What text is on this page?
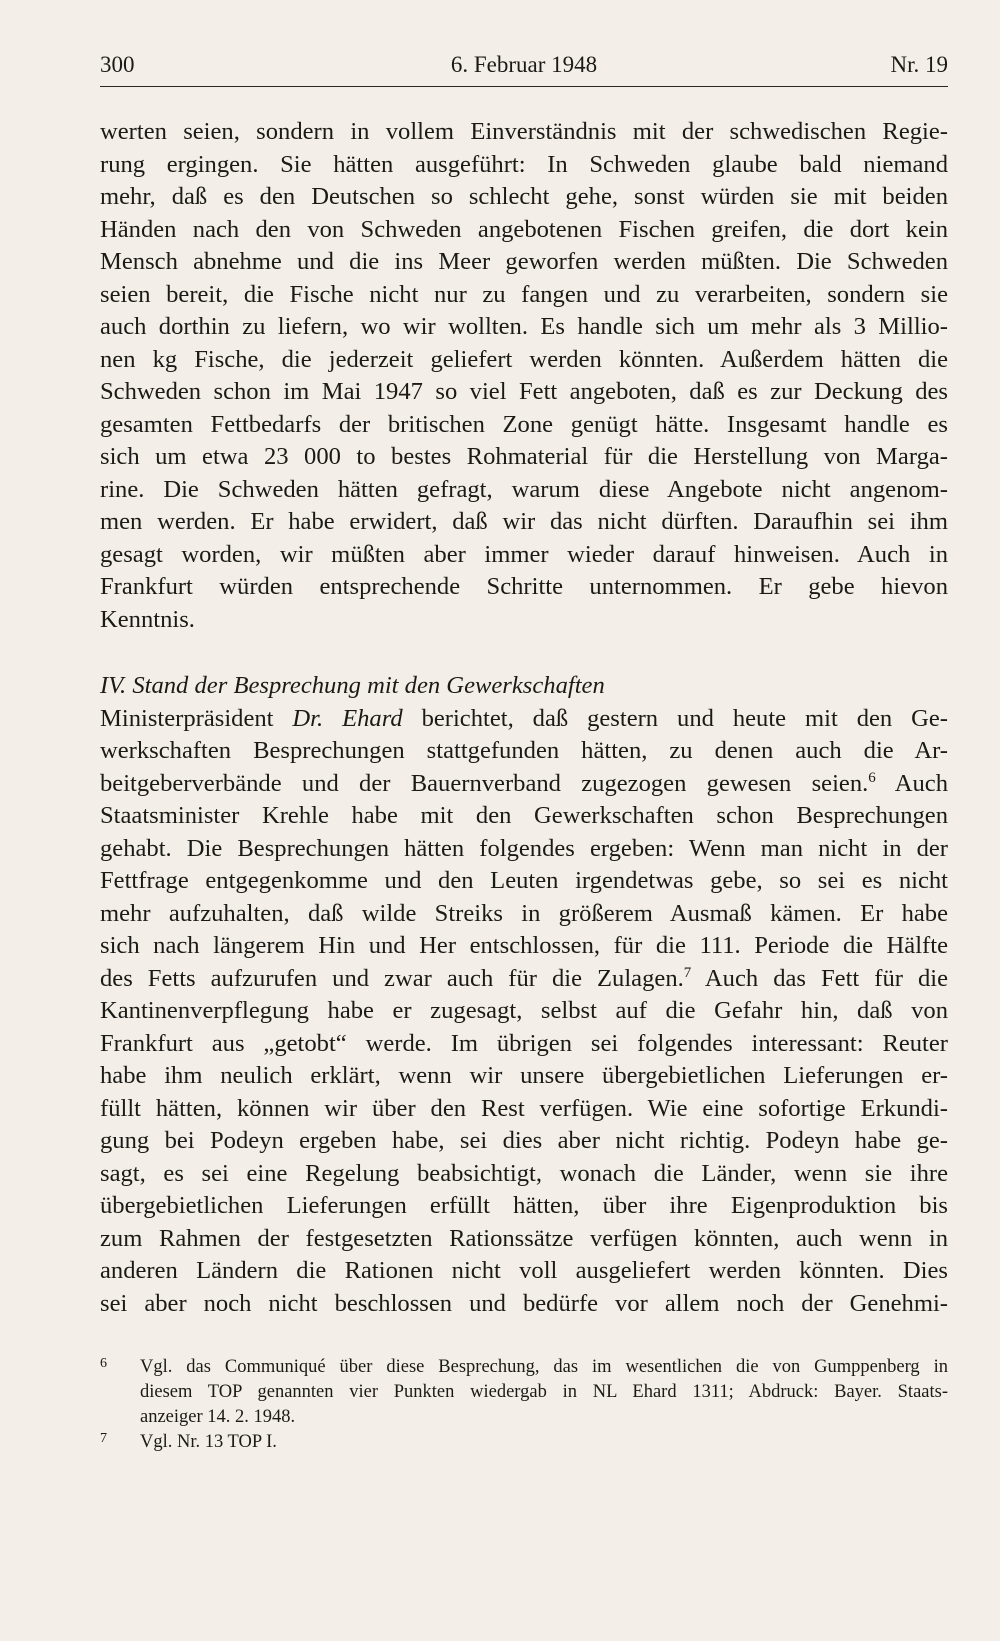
300	6. Februar 1948	Nr. 19
werten seien, sondern in vollem Einverständnis mit der schwedischen Regie-
rung ergingen. Sie hätten ausgeführt: In Schweden glaube bald niemand
mehr, daß es den Deutschen so schlecht gehe, sonst würden sie mit beiden
Händen nach den von Schweden angebotenen Fischen greifen, die dort kein
Mensch abnehme und die ins Meer geworfen werden müßten. Die Schweden
seien bereit, die Fische nicht nur zu fangen und zu verarbeiten, sondern sie
auch dorthin zu liefern, wo wir wollten. Es handle sich um mehr als 3 Millio-
nen kg Fische, die jederzeit geliefert werden könnten. Außerdem hätten die
Schweden schon im Mai 1947 so viel Fett angeboten, daß es zur Deckung des
gesamten Fettbedarfs der britischen Zone genügt hätte. Insgesamt handle es
sich um etwa 23 000 to bestes Rohmaterial für die Herstellung von Marga-
rine. Die Schweden hätten gefragt, warum diese Angebote nicht angenom-
men werden. Er habe erwidert, daß wir das nicht dürften. Daraufhin sei ihm
gesagt worden, wir müßten aber immer wieder darauf hinweisen. Auch in
Frankfurt würden entsprechende Schritte unternommen. Er gebe hievon
Kenntnis.
IV. Stand der Besprechung mit den Gewerkschaften
Ministerpräsident Dr. Ehard berichtet, daß gestern und heute mit den Ge-
werkschaften Besprechungen stattgefunden hätten, zu denen auch die Ar-
beitgeberverbände und der Bauernverband zugezogen gewesen seien.$^6$ Auch
Staatsminister Krehle habe mit den Gewerkschaften schon Besprechungen
gehabt. Die Besprechungen hätten folgendes ergeben: Wenn man nicht in der
Fettfrage entgegenkomme und den Leuten irgendetwas gebe, so sei es nicht
mehr aufzuhalten, daß wilde Streiks in größerem Ausmaß kämen. Er habe
sich nach längerem Hin und Her entschlossen, für die 111. Periode die Hälfte
des Fetts aufzurufen und zwar auch für die Zulagen.$^7$ Auch das Fett für die
Kantinenverpflegung habe er zugesagt, selbst auf die Gefahr hin, daß von
Frankfurt aus „getobt“ werde. Im übrigen sei folgendes interessant: Reuter
habe ihm neulich erklärt, wenn wir unsere übergebietlichen Lieferungen er-
füllt hätten, können wir über den Rest verfügen. Wie eine sofortige Erkundi-
gung bei Podeyn ergeben habe, sei dies aber nicht richtig. Podeyn habe ge-
sagt, es sei eine Regelung beabsichtigt, wonach die Länder, wenn sie ihre
übergebietlichen Lieferungen erfüllt hätten, über ihre Eigenproduktion bis
zum Rahmen der festgesetzten Rationssätze verfügen könnten, auch wenn in
anderen Ländern die Rationen nicht voll ausgeliefert werden könnten. Dies
sei aber noch nicht beschlossen und bedürfe vor allem noch der Genehmi-
6 Vgl. das Communiqué über diese Besprechung, das im wesentlichen die von Gumppenberg in
diesem TOP genannten vier Punkten wiedergab in NL Ehard 1311; Abdruck: Bayer. Staats-
anzeiger 14. 2. 1948.
7 Vgl. Nr. 13 TOP I.
